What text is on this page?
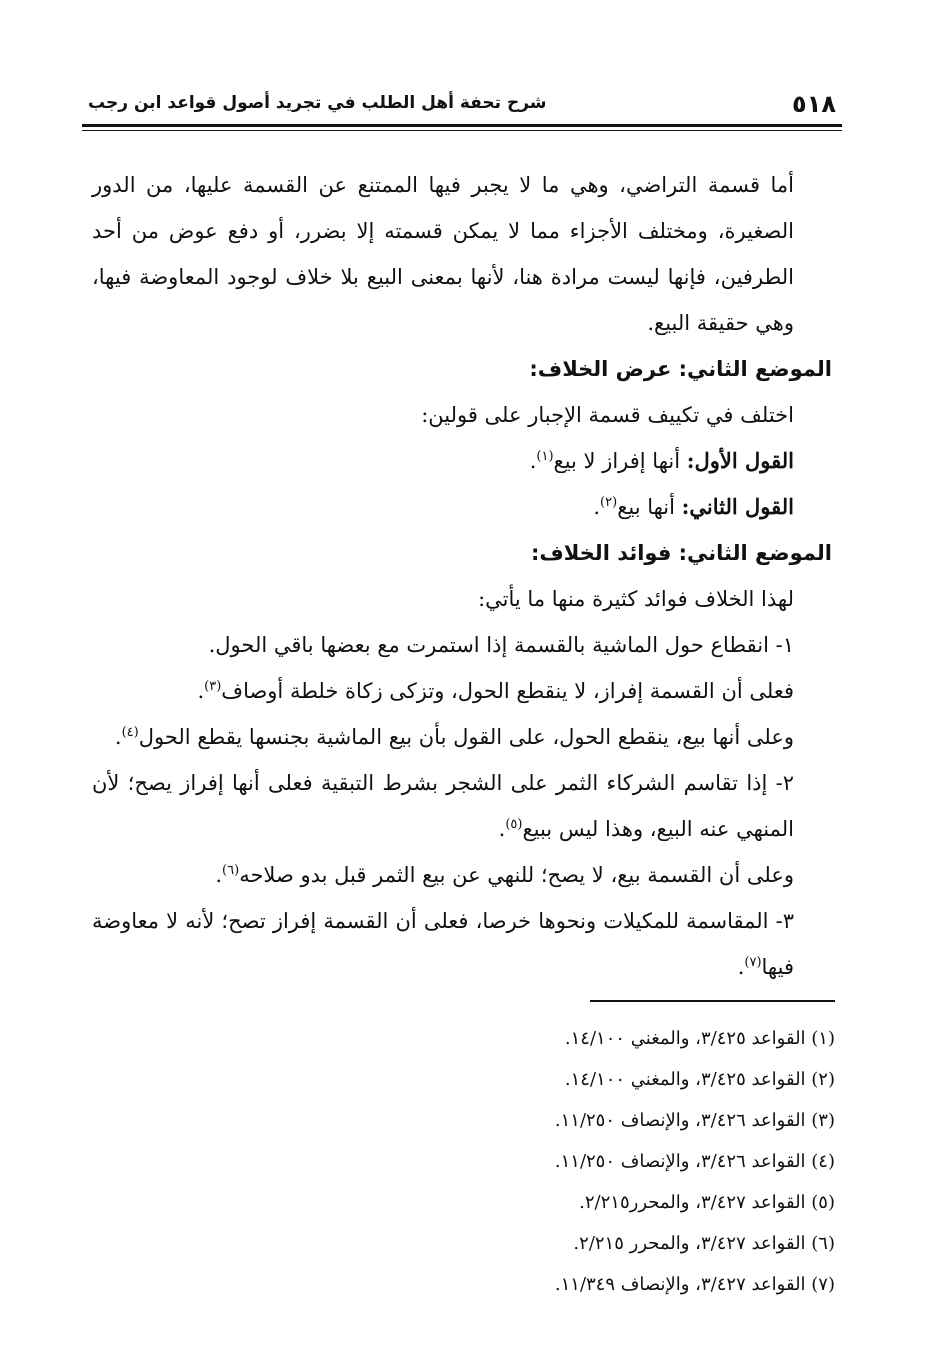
٥١٨
شرح تحفة أهل الطلب في تجريد أصول قواعد ابن رجب

أما قسمة التراضي، وهي ما لا يجبر فيها الممتنع عن القسمة عليها، من الدور الصغيرة، ومختلف الأجزاء مما لا يمكن قسمته إلا بضرر، أو دفع عوض من أحد الطرفين، فإنها ليست مرادة هنا، لأنها بمعنى البيع بلا خلاف لوجود المعاوضة فيها، وهي حقيقة البيع.

الموضع الثاني: عرض الخلاف:

اختلف في تكييف قسمة الإجبار على قولين:

القول الأول: أنها إفراز لا بيع$^{(١)}$.

القول الثاني: أنها بيع$^{(٢)}$.

الموضع الثاني: فوائد الخلاف:

لهذا الخلاف فوائد كثيرة منها ما يأتي:

١- انقطاع حول الماشية بالقسمة إذا استمرت مع بعضها باقي الحول.

فعلى أن القسمة إفراز، لا ينقطع الحول، وتزكى زكاة خلطة أوصاف$^{(٣)}$.

وعلى أنها بيع، ينقطع الحول، على القول بأن بيع الماشية بجنسها يقطع الحول$^{(٤)}$.

٢- إذا تقاسم الشركاء الثمر على الشجر بشرط التبقية فعلى أنها إفراز يصح؛ لأن المنهي عنه البيع، وهذا ليس ببيع$^{(٥)}$.

وعلى أن القسمة بيع، لا يصح؛ للنهي عن بيع الثمر قبل بدو صلاحه$^{(٦)}$.

٣- المقاسمة للمكيلات ونحوها خرصا، فعلى أن القسمة إفراز تصح؛ لأنه لا معاوضة فيها$^{(٧)}$.

(١) القواعد ٣/٤٢٥، والمغني ١٤/١٠٠.
(٢) القواعد ٣/٤٢٥، والمغني ١٤/١٠٠.
(٣) القواعد ٣/٤٢٦، والإنصاف ١١/٢٥٠.
(٤) القواعد ٣/٤٢٦، والإنصاف ١١/٢٥٠.
(٥) القواعد ٣/٤٢٧، والمحرر٢/٢١٥.
(٦) القواعد ٣/٤٢٧، والمحرر ٢/٢١٥.
(٧) القواعد ٣/٤٢٧، والإنصاف ١١/٣٤٩.
